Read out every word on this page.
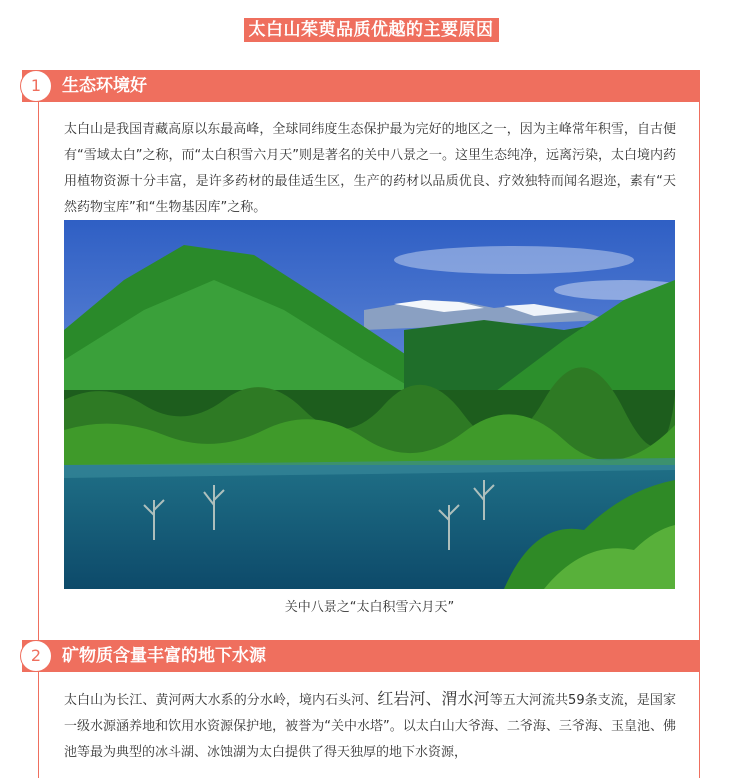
太白山茱萸品质优越的主要原因
1	生态环境好

太白山是我国青藏高原以东最高峰，全球同纬度生态保护最为完好的地区之一，因为主峰常年积雪，自古便有“雪域太白”之称，而“太白积雪六月天”则是著名的关中八景之一。这里生态纯净，远离污染，太白境内药用植物资源十分丰富，是许多药材的最佳适生区，生产的药材以品质优良、疗效独特而闻名遐迩，素有“天然药物宝库”和“生物基因库”之称。

关中八景之“太白积雪六月天”
2	矿物质含量丰富的地下水源

太白山为长江、黄河两大水系的分水岭，境内石头河、红岩河、渭水河等五大河流共59条支流，是国家一级水源涵养地和饮用水资源保护地，被誉为“关中水塔”。以太白山大爷海、二爷海、三爷海、玉皇池、佛池等最为典型的冰斗湖、冰蚀湖为太白提供了得天独厚的地下水资源，
